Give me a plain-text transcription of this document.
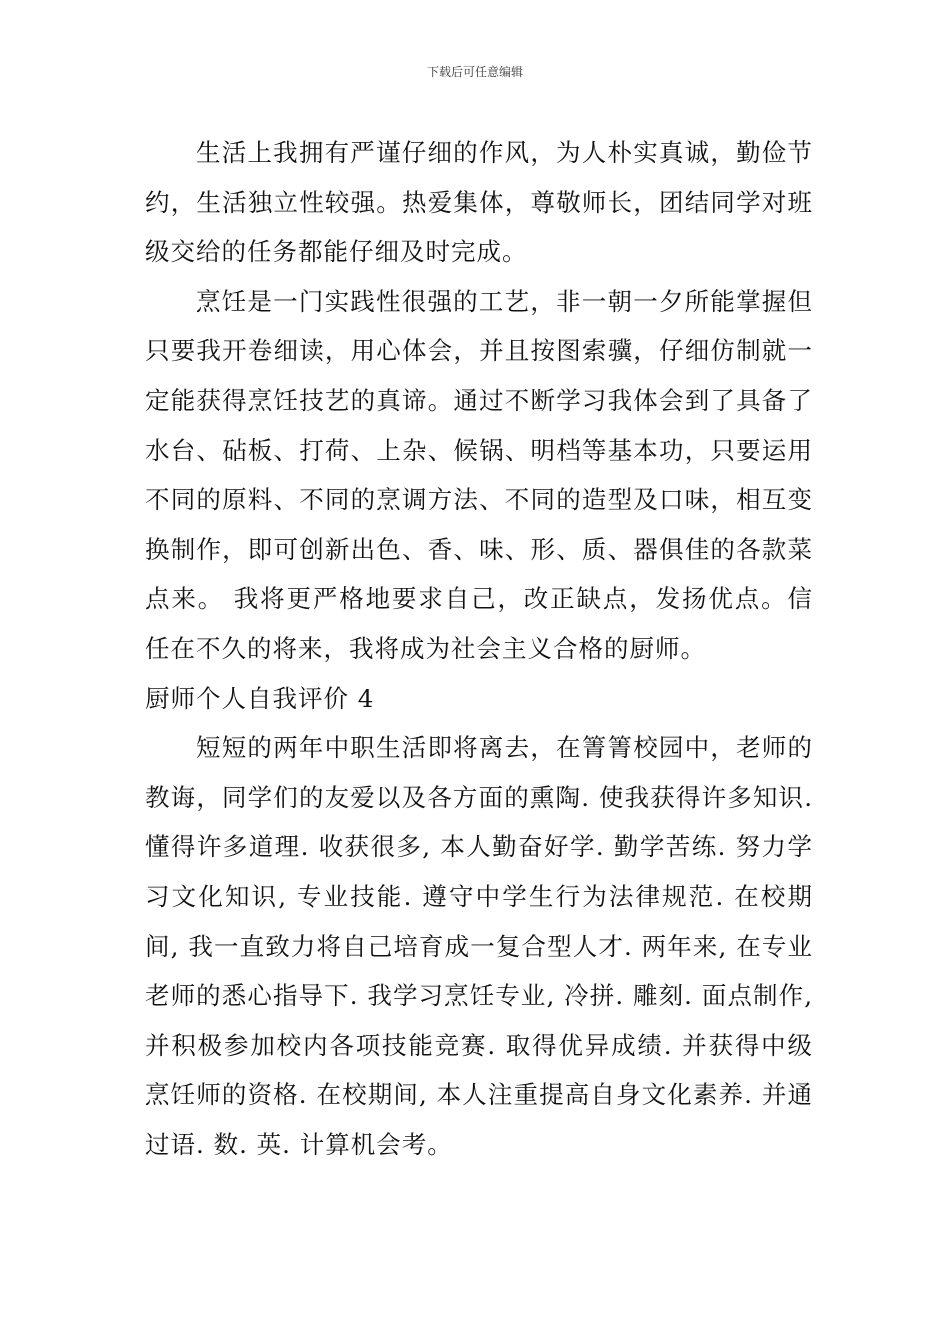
下载后可任意编辑

生活上我拥有严谨仔细的作风，为人朴实真诚，勤俭节约，生活独立性较强。热爱集体，尊敬师长，团结同学对班级交给的任务都能仔细及时完成。

烹饪是一门实践性很强的工艺，非一朝一夕所能掌握但只要我开卷细读，用心体会，并且按图索骥，仔细仿制就一定能获得烹饪技艺的真谛。通过不断学习我体会到了具备了水台、砧板、打荷、上杂、候锅、明档等基本功，只要运用不同的原料、不同的烹调方法、不同的造型及口味，相互变换制作，即可创新出色、香、味、形、质、器俱佳的各款菜点来。 我将更严格地要求自己，改正缺点，发扬优点。信任在不久的将来，我将成为社会主义合格的厨师。

厨师个人自我评价 4

短短的两年中职生活即将离去，在箐箐校园中，老师的教诲，同学们的友爱以及各方面的熏陶. 使我获得许多知识. 懂得许多道理. 收获很多, 本人勤奋好学. 勤学苦练. 努力学习文化知识, 专业技能. 遵守中学生行为法律规范. 在校期间, 我一直致力将自己培育成一复合型人才. 两年来, 在专业老师的悉心指导下. 我学习烹饪专业, 冷拼. 雕刻. 面点制作, 并积极参加校内各项技能竞赛. 取得优异成绩. 并获得中级烹饪师的资格. 在校期间, 本人注重提高自身文化素养. 并通过语. 数. 英. 计算机会考。
